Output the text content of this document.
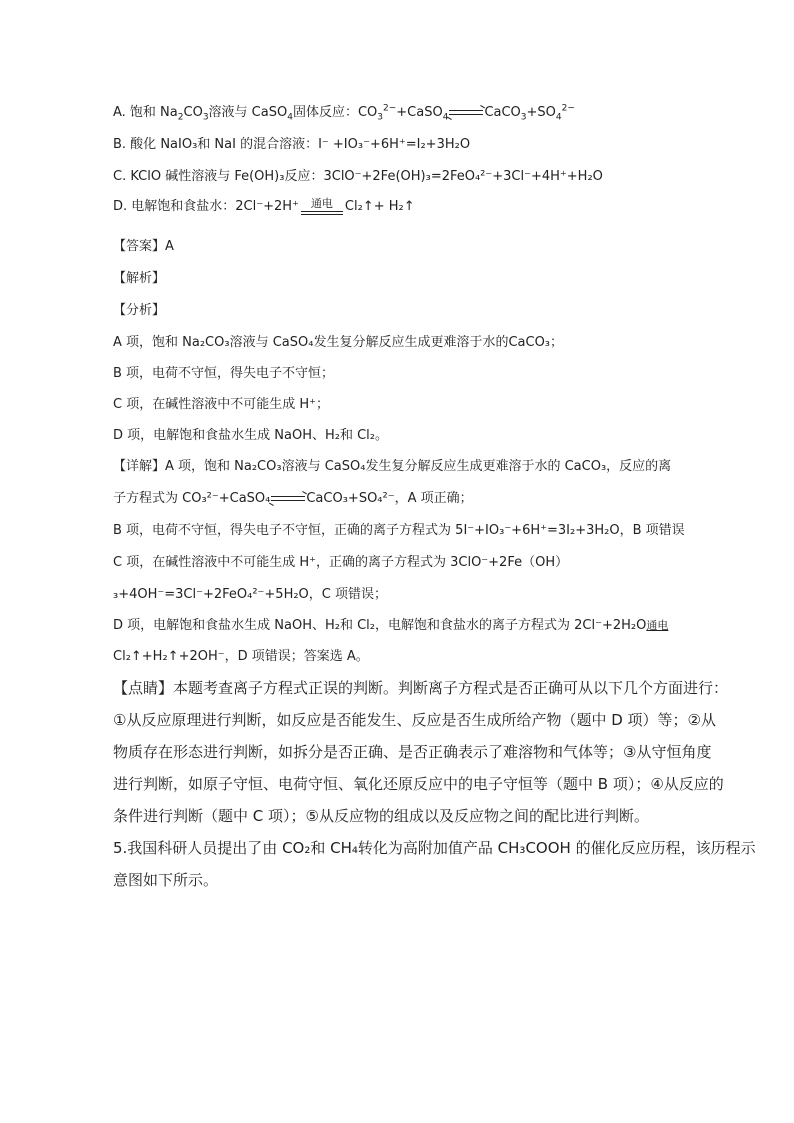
A. 饱和 $Na_2CO_3$溶液与 CaSO$_4$固体反应：$CO_3^{2-}+CaSO_4$	$CaCO_3+SO_4^{2-}$
B. 酸化 NaIO₃和 NaI 的混合溶液：I⁻ +IO₃⁻+6H⁺=I₂+3H₂O
C. KClO 碱性溶液与 Fe(OH)₃反应：3ClO⁻+2Fe(OH)₃=2FeO₄²⁻+3Cl⁻+4H⁺+H₂O
D. 电解饱和食盐水：2Cl⁻+2H⁺	通电 Cl₂↑+ H₂↑
【答案】A
【解析】
【分析】
A 项，饱和 Na₂CO₃溶液与 CaSO₄发生复分解反应生成更难溶于水的CaCO₃；
B 项，电荷不守恒，得失电子不守恒；
C 项，在碱性溶液中不可能生成 H⁺；
D 项，电解饱和食盐水生成 NaOH、H₂和 Cl₂。
【详解】A 项，饱和 Na₂CO₃溶液与 CaSO₄发生复分解反应生成更难溶于水的 CaCO₃，反应的离
子方程式为 CO₃²⁻+CaSO₄	CaCO₃+SO₄²⁻，A 项正确；
B 项，电荷不守恒，得失电子不守恒，正确的离子方程式为 5I⁻+IO₃⁻+6H⁺=3I₂+3H₂O，B 项错误
C 项，在碱性溶液中不可能生成 H⁺，正确的离子方程式为 3ClO⁻+2Fe（OH）
₃+4OH⁻=3Cl⁻+2FeO₄²⁻+5H₂O，C 项错误；
D 项，电解饱和食盐水生成 NaOH、H₂和 Cl₂，电解饱和食盐水的离子方程式为 2Cl⁻+2H₂O通电
Cl₂↑+H₂↑+2OH⁻，D 项错误；答案选 A。
【点睛】本题考查离子方程式正误的判断。判断离子方程式是否正确可从以下几个方面进行：
①从反应原理进行判断，如反应是否能发生、反应是否生成所给产物（题中 D 项）等；②从
物质存在形态进行判断，如拆分是否正确、是否正确表示了难溶物和气体等；③从守恒角度
进行判断，如原子守恒、电荷守恒、氧化还原反应中的电子守恒等（题中 B 项）；④从反应的
条件进行判断（题中 C 项）；⑤从反应物的组成以及反应物之间的配比进行判断。
5.我国科研人员提出了由 CO₂和 CH₄转化为高附加值产品 CH₃COOH 的催化反应历程，该历程示
意图如下所示。
